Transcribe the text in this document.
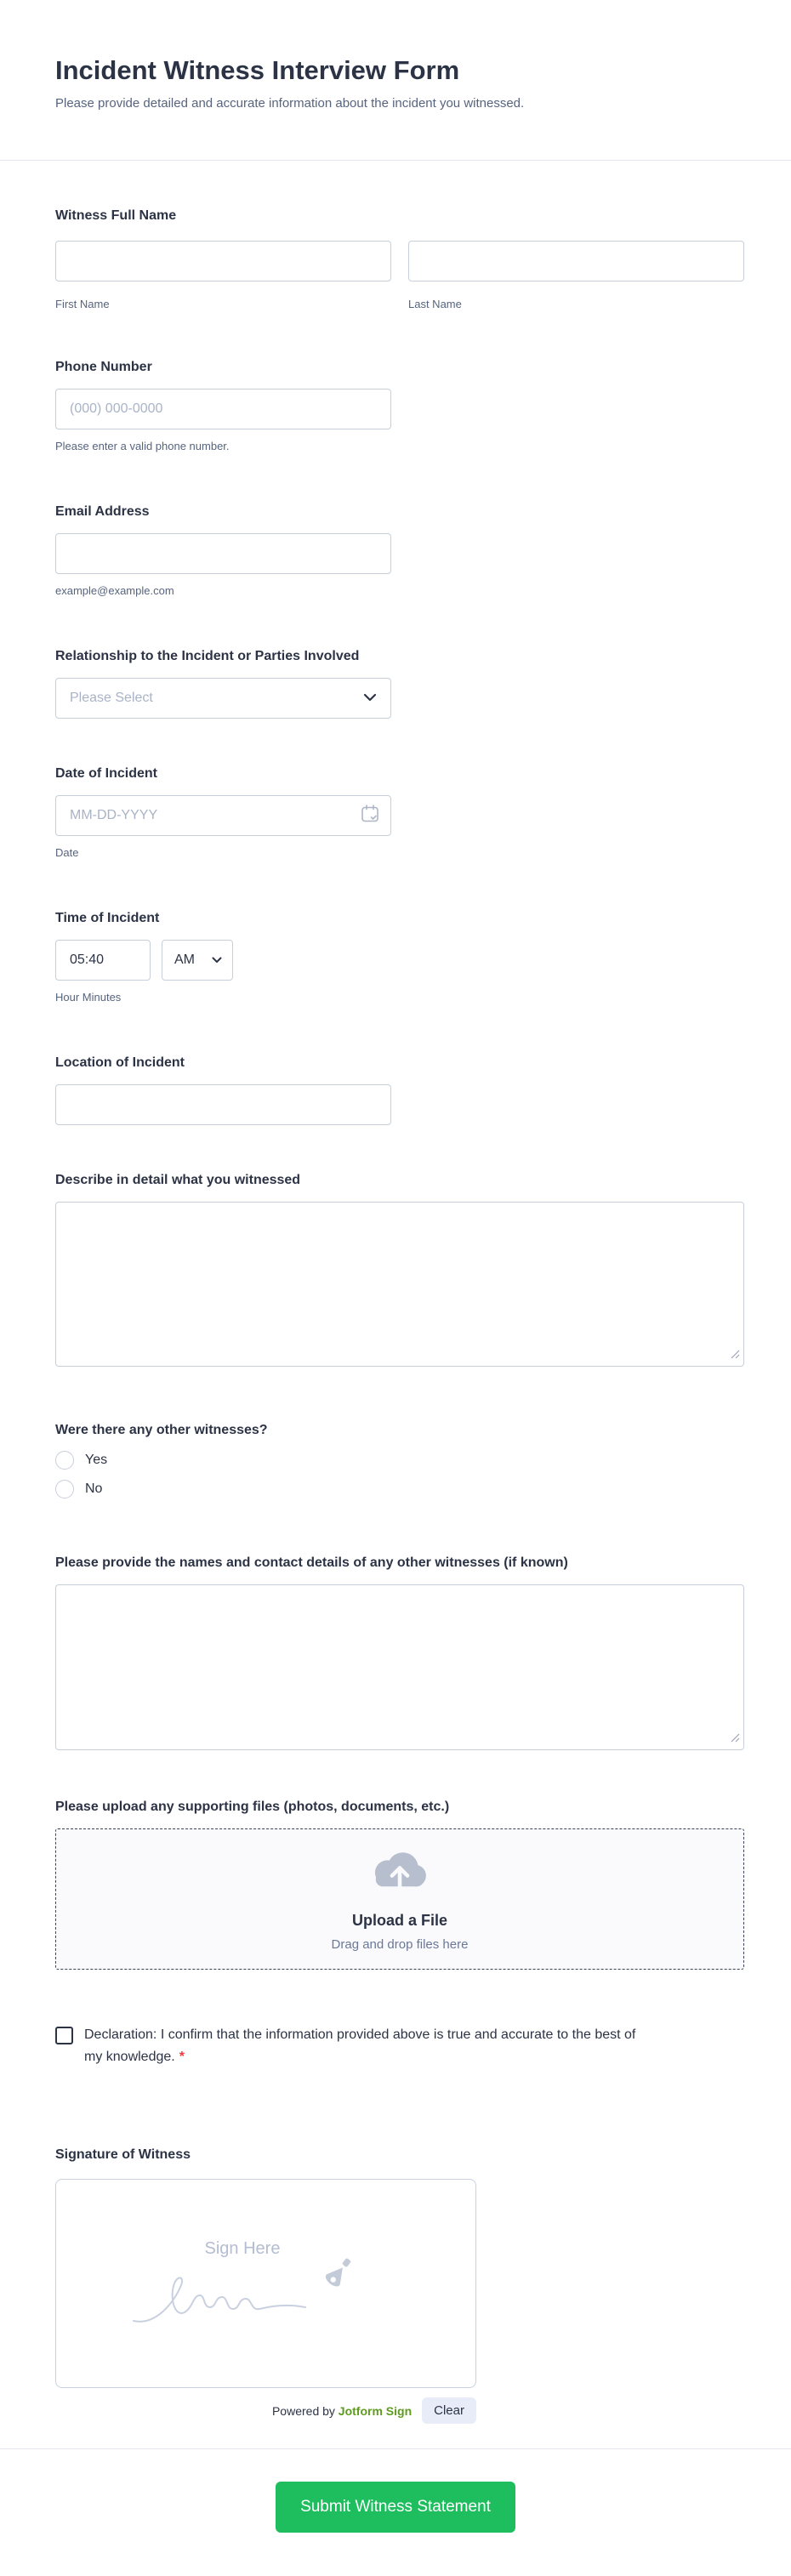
Incident Witness Interview Form
Please provide detailed and accurate information about the incident you witnessed.
Witness Full Name
First Name	Last Name
Phone Number
(000) 000-0000
Please enter a valid phone number.
Email Address
example@example.com
Relationship to the Incident or Parties Involved
Please Select
Date of Incident
MM-DD-YYYY
Date
Time of Incident
05:40
AM
Hour Minutes
Location of Incident
Describe in detail what you witnessed
Were there any other witnesses?
Yes
No
Please provide the names and contact details of any other witnesses (if known)
Please upload any supporting files (photos, documents, etc.)
Upload a File
Drag and drop files here
Declaration: I confirm that the information provided above is true and accurate to the best of my knowledge. *
Signature of Witness
Sign Here
Powered by Jotform Sign	Clear
Submit Witness Statement
